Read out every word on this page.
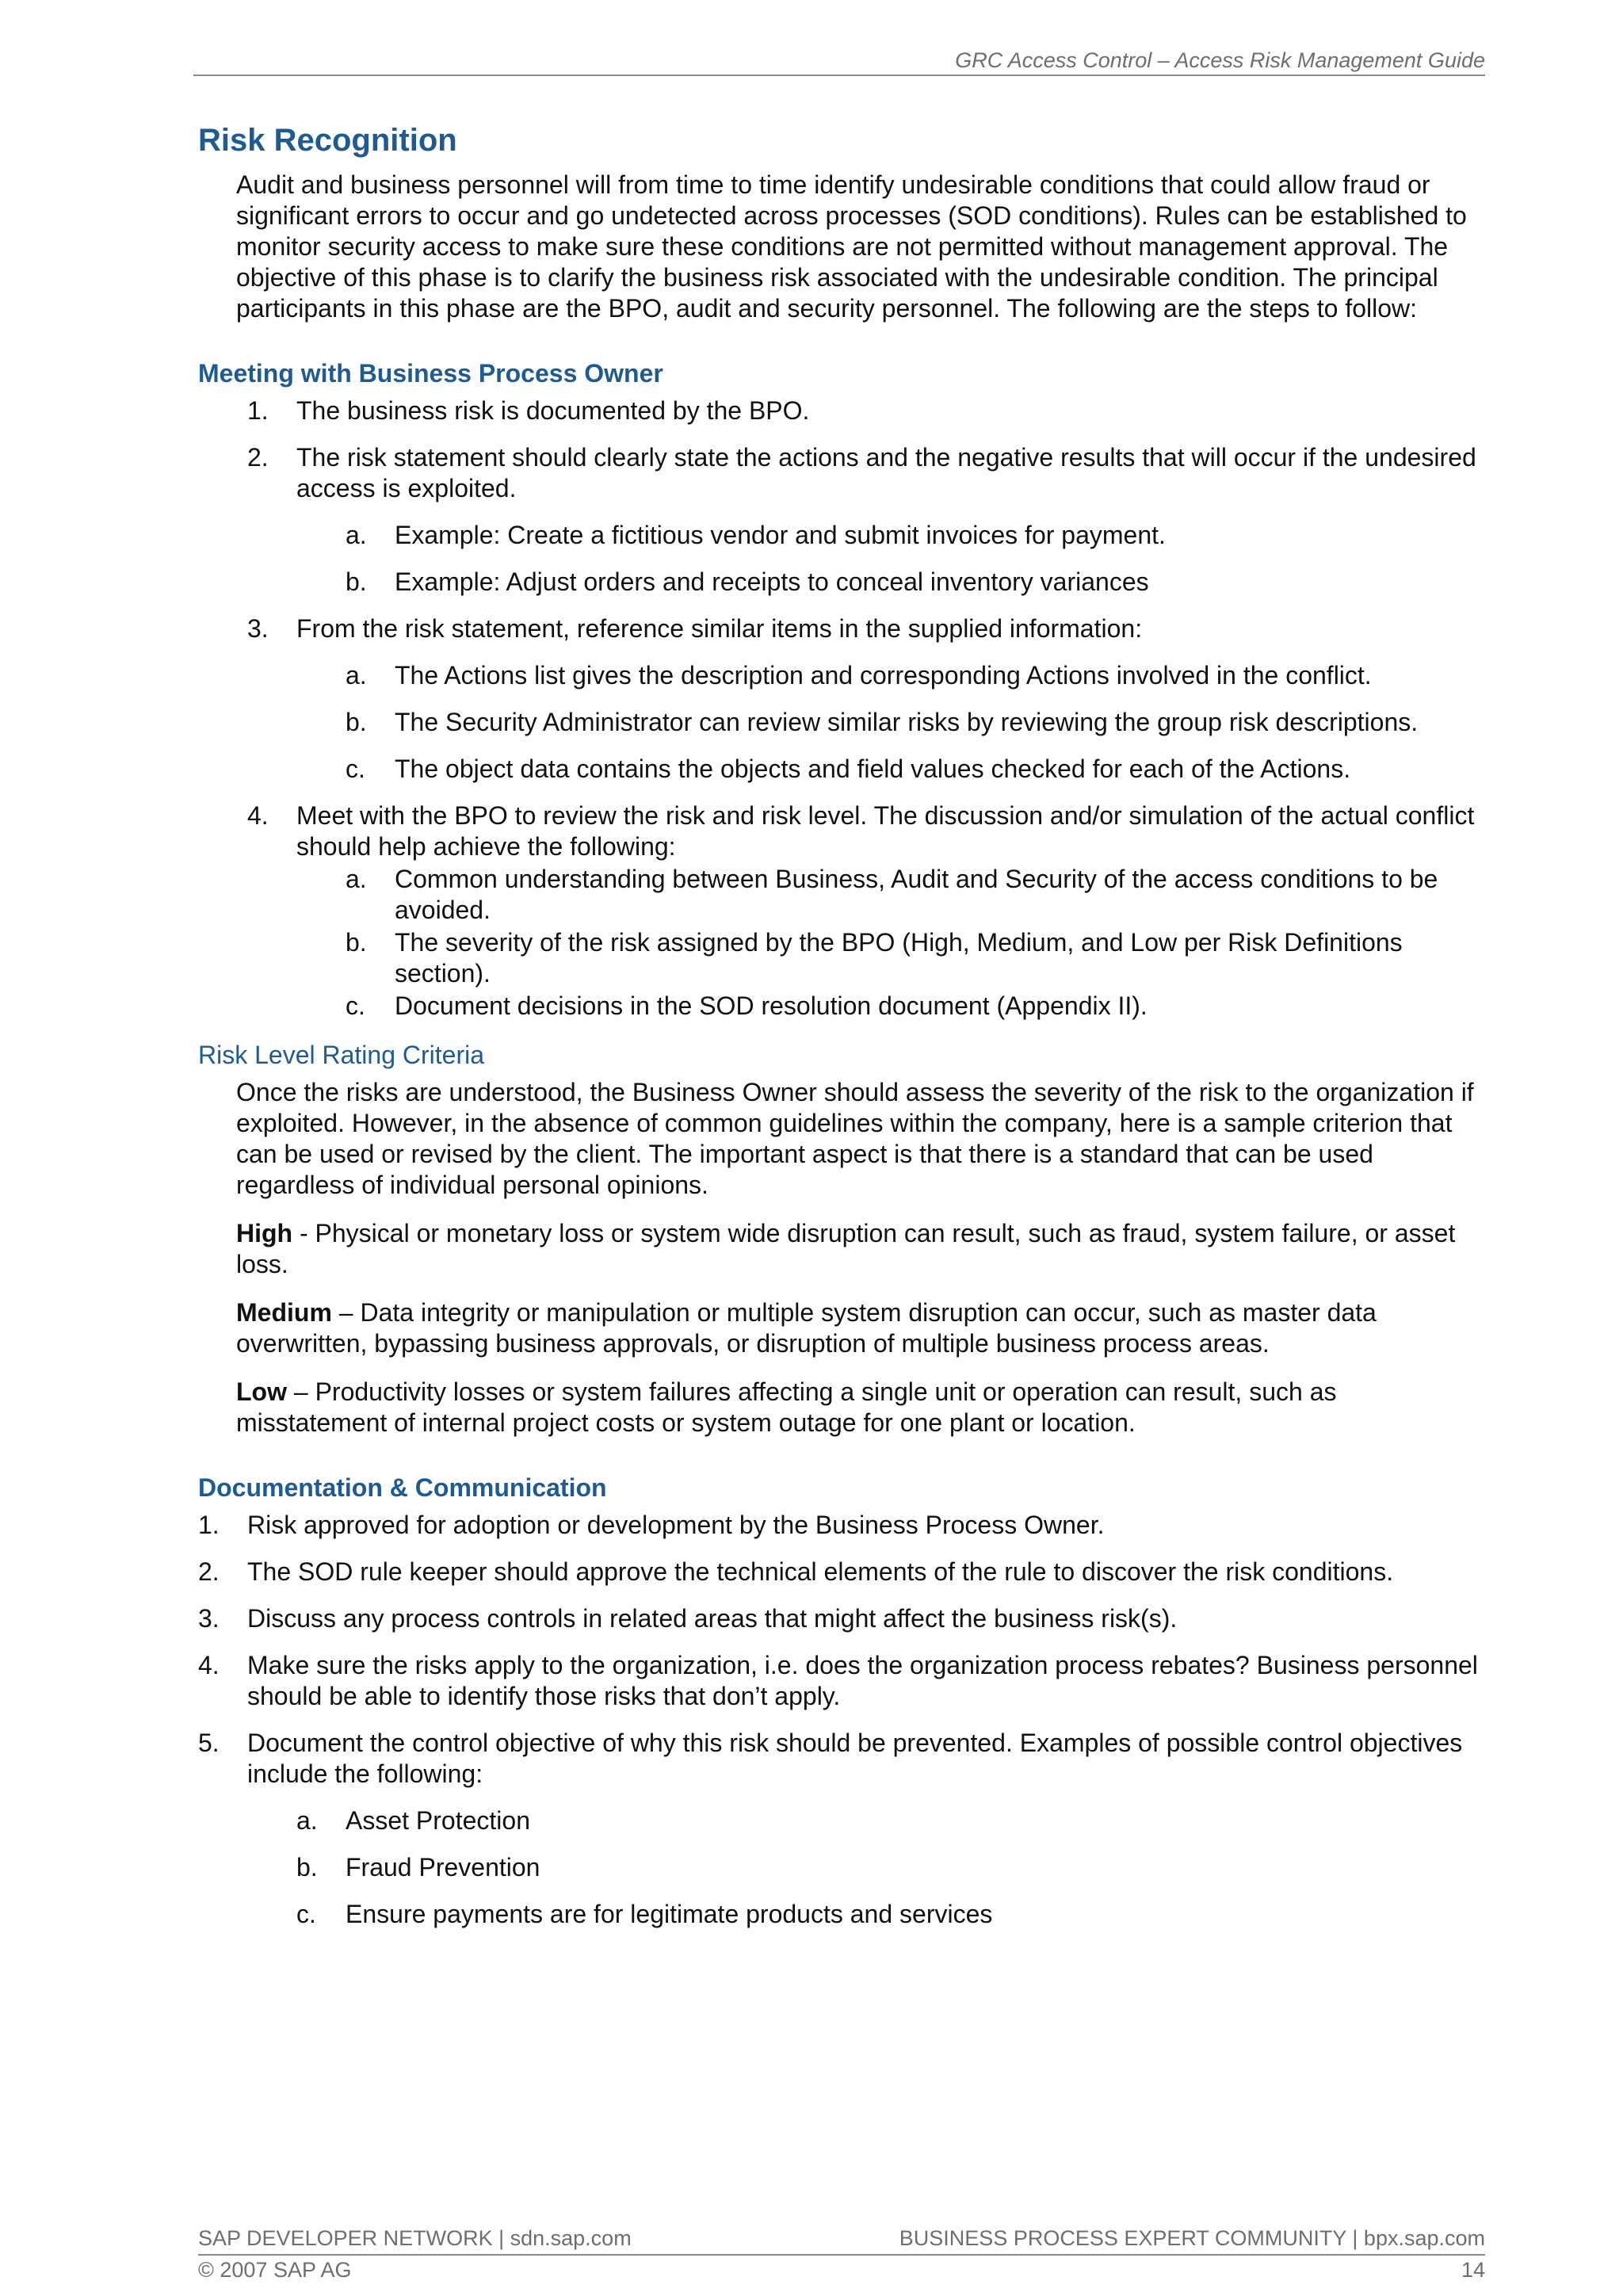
GRC Access Control – Access Risk Management Guide
Risk Recognition
Audit and business personnel will from time to time identify undesirable conditions that could allow fraud or significant errors to occur and go undetected across processes (SOD conditions). Rules can be established to monitor security access to make sure these conditions are not permitted without management approval. The objective of this phase is to clarify the business risk associated with the undesirable condition. The principal participants in this phase are the BPO, audit and security personnel. The following are the steps to follow:
Meeting with Business Process Owner
1.	The business risk is documented by the BPO.
2.	The risk statement should clearly state the actions and the negative results that will occur if the undesired access is exploited.
a.	Example: Create a fictitious vendor and submit invoices for payment.
b.	Example: Adjust orders and receipts to conceal inventory variances
3.	From the risk statement, reference similar items in the supplied information:
a.	The Actions list gives the description and corresponding Actions involved in the conflict.
b.	The Security Administrator can review similar risks by reviewing the group risk descriptions.
c.	The object data contains the objects and field values checked for each of the Actions.
4.	Meet with the BPO to review the risk and risk level. The discussion and/or simulation of the actual conflict should help achieve the following:
a.	Common understanding between Business, Audit and Security of the access conditions to be avoided.
b.	The severity of the risk assigned by the BPO (High, Medium, and Low per Risk Definitions section).
c.	Document decisions in the SOD resolution document (Appendix II).
Risk Level Rating Criteria
Once the risks are understood, the Business Owner should assess the severity of the risk to the organization if exploited. However, in the absence of common guidelines within the company, here is a sample criterion that can be used or revised by the client. The important aspect is that there is a standard that can be used regardless of individual personal opinions.
High - Physical or monetary loss or system wide disruption can result, such as fraud, system failure, or asset loss.
Medium – Data integrity or manipulation or multiple system disruption can occur, such as master data overwritten, bypassing business approvals, or disruption of multiple business process areas.
Low – Productivity losses or system failures affecting a single unit or operation can result, such as misstatement of internal project costs or system outage for one plant or location.
Documentation & Communication
1.	Risk approved for adoption or development by the Business Process Owner.
2.	The SOD rule keeper should approve the technical elements of the rule to discover the risk conditions.
3.	Discuss any process controls in related areas that might affect the business risk(s).
4.	Make sure the risks apply to the organization, i.e. does the organization process rebates? Business personnel should be able to identify those risks that don’t apply.
5.	Document the control objective of why this risk should be prevented. Examples of possible control objectives include the following:
a.	Asset Protection
b.	Fraud Prevention
c.	Ensure payments are for legitimate products and services
SAP DEVELOPER NETWORK | sdn.sap.com	BUSINESS PROCESS EXPERT COMMUNITY | bpx.sap.com
© 2007 SAP AG	14
